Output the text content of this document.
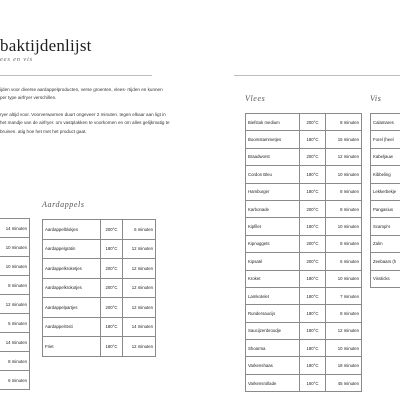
baktijdenlijst
ees en vis

ijden voor diverse aardappelproducten, verse groenten, vlees- rtijden en kunnen per type airfryer verschillen.

ryer altijd voor. Voorverwarmen duurt ongeveer 2 minuten. tegen elkaar aan ligt in het mandje van de airfryer. om vastplakken te voorkomen en om alles gelijkmatig te bruinen. atig hoe het met het product gaat.

14 minuten
10 minuten
10 minuten
8 minuten
12 minuten
5 minuten
14 minuten
8 minuten
6 minuten
Aardappels
Aardappelblokjes	200°C	6 minuten
Aardappelgratin	180°C	12 minuten
Aardappelkroketjes	200°C	12 minuten
Aardappelkrokotjes	200°C	12 minuten
Aardappelpartjes	200°C	12 minuten
Aardappelrösti	180°C	14 minuten
Friet	180°C	12 minuten
Vlees
Biefstuk medium	200°C	8 minuten
Boomstammetjes	180°C	15 minuten
Braadworst	200°C	12 minuten
Cordon Bleu	180°C	10 minuten
Hamburger	180°C	8 minuten
Karbonade	200°C	8 minuten
Kipfilet	180°C	10 minuten
Kipnuggets	200°C	8 minuten
Kipsaté	200°C	6 minuten
Kroket	180°C	10 minuten
Lamkotelet	180°C	7 minuten
Rundersaucijs	180°C	8 minuten
Saucijzenbroodje	180°C	12 minuten
Shoarma	180°C	10 minuten
Varkenshaas	180°C	18 minuten
Varkensrollade	160°C	45 minuten
Vis
Calamares
Forel (heel
Kabeljauw
Kibbeling
Lekkerbekje
Pangasius
Scampi's
Zalm
Zeebaars (h
Vissticks
